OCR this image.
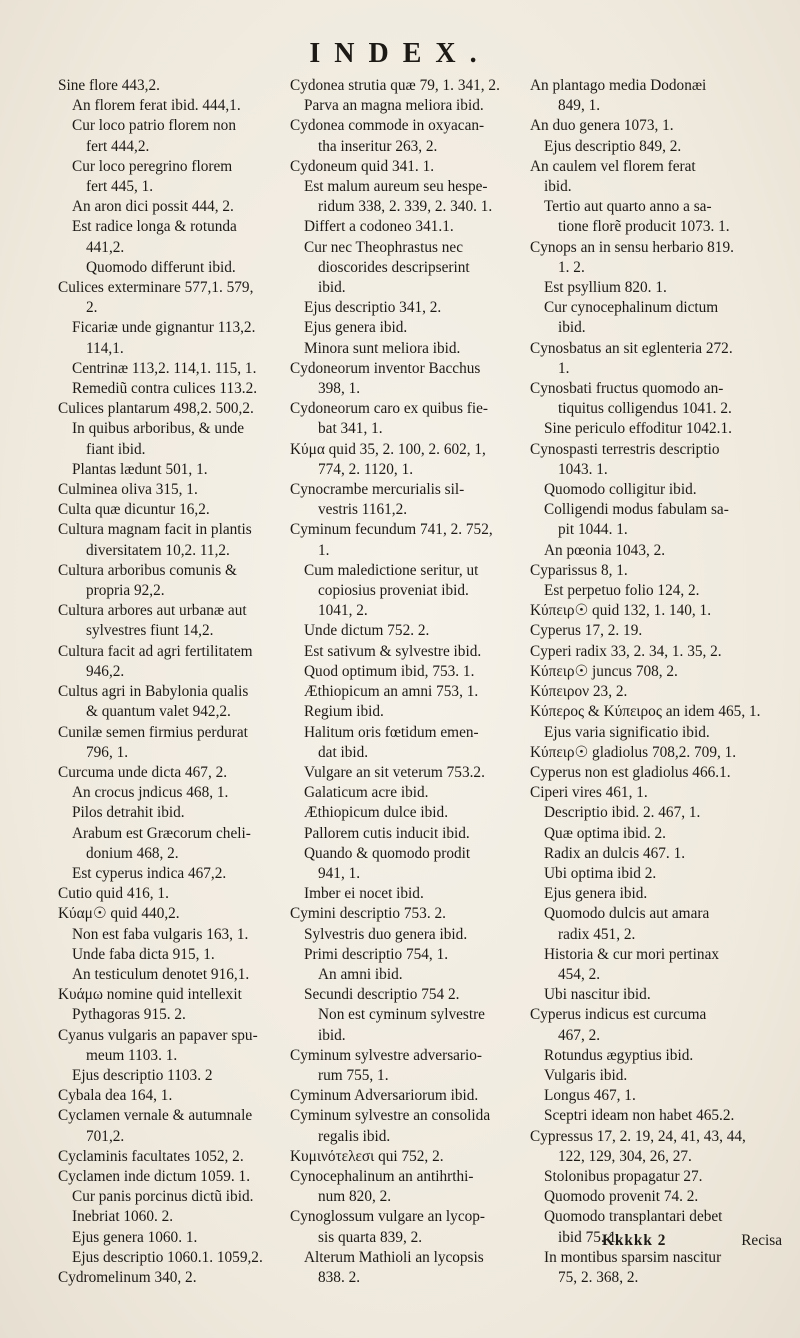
INDEX.
Sine flore 443,2.
An florem ferat ibid. 444,1.
Cur loco patrio florem non
fert 444,2.
Cur loco peregrino florem
fert 445, 1.
An aron dici possit 444, 2.
Est radice longa & rotunda
441,2.
Quomodo differunt ibid.
Culices exterminare 577,1. 579,
2.
Ficariæ unde gignantur 113,2.
114,1.
Centrinæ 113,2. 114,1. 115, 1.
Remediũ contra culices 113.2.
Culices plantarum 498,2. 500,2.
In quibus arboribus, & unde
fiant ibid.
Plantas lædunt 501, 1.
Culminea oliva 315, 1.
Culta quæ dicuntur 16,2.
Cultura magnam facit in plantis
diversitatem 10,2. 11,2.
Cultura arboribus comunis &
propria 92,2.
Cultura arbores aut urbanæ aut
sylvestres fiunt 14,2.
Cultura facit ad agri fertilitatem
946,2.
Cultus agri in Babylonia qualis
& quantum valet 942,2.
Cunilæ semen firmius perdurat
796, 1.
Curcuma unde dicta 467, 2.
An crocus jndicus 468, 1.
Pilos detrahit ibid.
Arabum est Græcorum cheli-
donium 468, 2.
Est cyperus indica 467,2.
Cutio quid 416, 1.
Κύαμ☉ quid 440,2.
Non est faba vulgaris 163, 1.
Unde faba dicta 915, 1.
An testiculum denotet 916,1.
Κυάμω nomine quid intellexit
Pythagoras 915. 2.
Cyanus vulgaris an papaver spu-
meum 1103. 1.
Ejus descriptio 1103. 2
Cybala dea 164, 1.
Cyclamen vernale & autumnale
701,2.
Cyclaminis facultates 1052, 2.
Cyclamen inde dictum 1059. 1.
Cur panis porcinus dictũ ibid.
Inebriat 1060. 2.
Ejus genera 1060. 1.
Ejus descriptio 1060.1. 1059,2.
Cydromelinum 340, 2.
Cydonea strutia quæ 79, 1. 341, 2.
Parva an magna meliora ibid.
Cydonea commode in oxyacan-
tha inseritur 263, 2.
Cydoneum quid 341. 1.
Est malum aureum seu hespe-
ridum 338, 2. 339, 2. 340. 1.
Differt a codoneo 341.1.
Cur nec Theophrastus nec
dioscorides descripserint
ibid.
Ejus descriptio 341, 2.
Ejus genera ibid.
Minora sunt meliora ibid.
Cydoneorum inventor Bacchus
398, 1.
Cydoneorum caro ex quibus fie-
bat 341, 1.
Κύμα quid 35, 2. 100, 2. 602, 1,
774, 2. 1120, 1.
Cynocrambe mercurialis sil-
vestris 1161,2.
Cyminum fecundum 741, 2. 752,
1.
Cum maledictione seritur, ut
copiosius proveniat ibid.
1041, 2.
Unde dictum 752. 2.
Est sativum & sylvestre ibid.
Quod optimum ibid, 753. 1.
Æthiopicum an amni 753, 1.
Regium ibid.
Halitum oris fœtidum emen-
dat ibid.
Vulgare an sit veterum 753.2.
Galaticum acre ibid.
Æthiopicum dulce ibid.
Pallorem cutis inducit ibid.
Quando & quomodo prodit
941, 1.
Imber ei nocet ibid.
Cymini descriptio 753. 2.
Sylvestris duo genera ibid.
Primi descriptio 754, 1.
An amni ibid.
Secundi descriptio 754 2.
Non est cyminum sylvestre
ibid.
Cyminum sylvestre adversario-
rum 755, 1.
Cyminum Adversariorum ibid.
Cyminum sylvestre an consolida
regalis ibid.
Κυμινότελεσι qui 752, 2.
Cynocephalinum an antihrthi-
num 820, 2.
Cynoglossum vulgare an lycop-
sis quarta 839, 2.
Alterum Mathioli an lycopsis
838. 2.
An plantago media Dodonæi
849, 1.
An duo genera 1073, 1.
Ejus descriptio 849, 2.
An caulem vel florem ferat
ibid.
Tertio aut quarto anno a sa-
tione florẽ producit 1073. 1.
Cynops an in sensu herbario 819.
1. 2.
Est psyllium 820. 1.
Cur cynocephalinum dictum
ibid.
Cynosbatus an sit eglenteria 272.
1.
Cynosbati fructus quomodo an-
tiquitus colligendus 1041. 2.
Sine periculo effoditur 1042.1.
Cynospasti terrestris descriptio
1043. 1.
Quomodo colligitur ibid.
Colligendi modus fabulam sa-
pit 1044. 1.
An pœonia 1043, 2.
Cyparissus 8, 1.
Est perpetuo folio 124, 2.
Κύπειρ☉ quid 132, 1. 140, 1.
Cyperus 17, 2. 19.
Cyperi radix 33, 2. 34, 1. 35, 2.
Κύπειρ☉ juncus 708, 2.
Κύπειρον 23, 2.
Κύπερος & Κύπειρος an idem 465, 1.
Ejus varia significatio ibid.
Κύπειρ☉ gladiolus 708,2. 709, 1.
Cyperus non est gladiolus 466.1.
Ciperi vires 461, 1.
Descriptio ibid. 2. 467, 1.
Quæ optima ibid. 2.
Radix an dulcis 467. 1.
Ubi optima ibid 2.
Ejus genera ibid.
Quomodo dulcis aut amara
radix 451, 2.
Historia & cur mori pertinax
454, 2.
Ubi nascitur ibid.
Cyperus indicus est curcuma
467, 2.
Rotundus ægyptius ibid.
Vulgaris ibid.
Longus 467, 1.
Sceptri ideam non habet 465.2.
Cypressus 17, 2. 19, 24, 41, 43, 44,
122, 129, 304, 26, 27.
Stolonibus propagatur 27.
Quomodo provenit 74. 2.
Quomodo transplantari debet
ibid 75. 1.
In montibus sparsim nascitur
75, 2. 368, 2.
Kkkkk 2	Recisa
